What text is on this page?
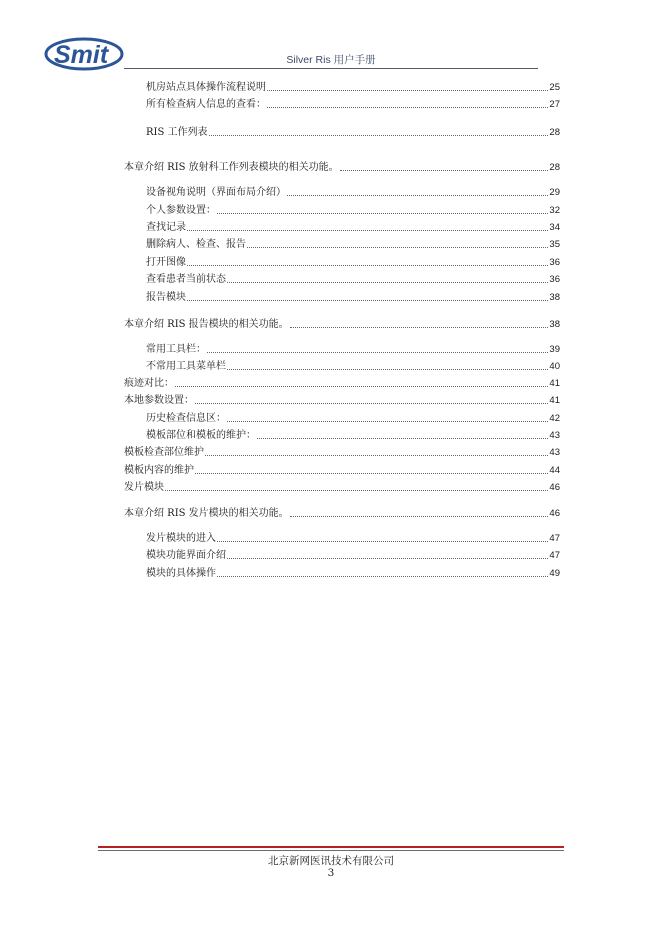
Smit	Silver Ris 用户手册
机房站点具体操作流程说明	25
所有检查病人信息的查看：	27
RIS 工作列表	28
本章介绍 RIS 放射科工作列表模块的相关功能。	28
设备视角说明（界面布局介绍）	29
个人参数设置：	32
查找记录	34
删除病人、检查、报告	35
打开图像	36
查看患者当前状态	36
报告模块	38
本章介绍 RIS 报告模块的相关功能。	38
常用工具栏：	39
不常用工具菜单栏	40
痕迹对比：	41
本地参数设置：	41
历史检查信息区：	42
模板部位和模板的维护：	43
模板检查部位维护	43
模板内容的维护	44
发片模块	46
本章介绍 RIS 发片模块的相关功能。	46
发片模块的进入	47
模块功能界面介绍	47
模块的具体操作	49
北京新网医讯技术有限公司
3
